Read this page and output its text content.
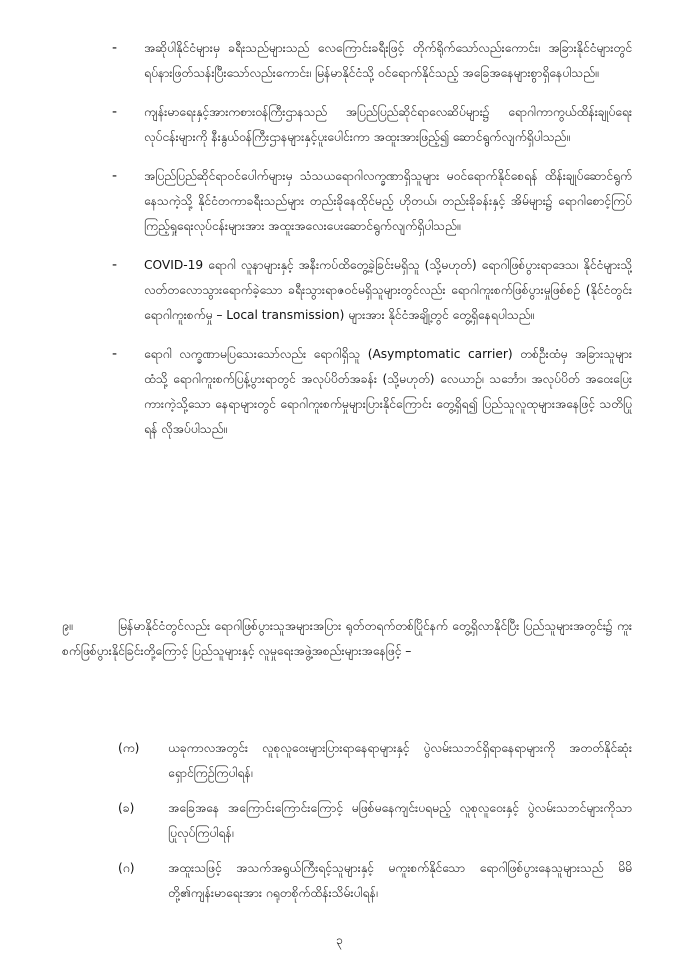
- အဆိုပါနိုင်ငံများမှ ခရီးသည်များသည် လေကြောင်းခရီးဖြင့် တိုက်ရိုက်သော်လည်းကောင်း၊ အခြားနိုင်ငံများတွင် ရပ်နားဖြတ်သန်းပြီးသော်လည်းကောင်း၊ မြန်မာနိုင်ငံသို့ ဝင်ရောက်နိုင်သည့် အခြေအနေများစွာရှိနေပါသည်။
- ကျန်းမာရေးနှင့်အားကစားဝန်ကြီးဌာနသည် အပြည်ပြည်ဆိုင်ရာလေဆိပ်များ၌ ရောဂါကာကွယ်ထိန်းချုပ်ရေးလုပ်ငန်းများကို နီးနွယ်ဝန်ကြီးဌာနများနှင့်ပူးပေါင်းကာ အထူးအားဖြည့်၍ ဆောင်ရွက်လျက်ရှိပါသည်။
- အပြည်ပြည်ဆိုင်ရာဝင်ပေါက်များမှ သံသယရောဂါလက္ခဏာရှိသူများ မဝင်ရောက်နိုင်စေရန် ထိန်းချုပ်ဆောင်ရွက်နေသကဲ့သို့ နိုင်ငံတကာခရီးသည်များ တည်းခိုနေထိုင်မည့် ဟိုတယ်၊ တည်းခိုခန်းနှင့် အိမ်များ၌ ရောဂါစောင့်ကြပ်ကြည့်ရှုရေးလုပ်ငန်းများအား အထူးအလေးပေးဆောင်ရွက်လျက်ရှိပါသည်။
- COVID-19 ရောဂါ လူနာများနှင့် အနီးကပ်ထိတွေ့ခဲ့ခြင်းမရှိသူ (သို့မဟုတ်) ရောဂါဖြစ်ပွားရာဒေသ၊ နိုင်ငံများသို့ လတ်တလောသွားရောက်ခဲ့သော ခရီးသွားရာဇဝင်မရှိသူများတွင်လည်း ရောဂါကူးစက်ဖြစ်ပွားမှုဖြစ်စဉ် (နိုင်ငံတွင်းရောဂါကူးစက်မှု – Local transmission) များအား နိုင်ငံအချို့တွင် တွေ့ရှိနေရပါသည်။
- ရောဂါ လက္ခဏာမပြသေးသော်လည်း ရောဂါရှိသူ (Asymptomatic carrier) တစ်ဦးထံမှ အခြားသူများထံသို့ ရောဂါကူးစက်ပြန့်ပွားရာတွင် အလုပ်ပိတ်အခန်း (သို့မဟုတ်) လေယာဉ်၊ သင်္ဘော၊ အလုပ်ပိတ် အဝေးပြေးကားကဲ့သို့သော နေရာများတွင် ရောဂါကူးစက်မှုများပြားနိုင်ကြောင်း တွေ့ရှိရ၍ ပြည်သူလူထုများအနေဖြင့် သတိပြုရန် လိုအပ်ပါသည်။
၉။	မြန်မာနိုင်ငံတွင်လည်း ရောဂါဖြစ်ပွားသူအများအပြား ရုတ်တရက်တစ်ပြိုင်နက် တွေ့ရှိလာနိုင်ပြီး ပြည်သူများအတွင်း၌ ကူးစက်ဖြစ်ပွားနိုင်ခြင်းတို့ကြောင့် ပြည်သူများနှင့် လူမှုရေးအဖွဲ့အစည်းများအနေဖြင့် –
(က) ယခုကာလအတွင်း လူစုလူဝေးများပြားရာနေရာများနှင့် ပွဲလမ်းသဘင်ရှိရာနေရာများကို အတတ်နိုင်ဆုံးရှောင်ကြဉ်ကြပါရန်၊
(ခ)	အခြေအနေ အကြောင်းကြောင်းကြောင့် မဖြစ်မနေကျင်းပရမည့် လူစုလူဝေးနှင့် ပွဲလမ်းသဘင်များကိုသာ ပြုလုပ်ကြပါရန်၊
(ဂ)	အထူးသဖြင့် အသက်အရွယ်ကြီးရင့်သူများနှင့် မကူးစက်နိုင်သော ရောဂါဖြစ်ပွားနေသူများသည် မိမိတို့၏ကျန်းမာရေးအား ဂရုတစိုက်ထိန်းသိမ်းပါရန်၊
၃
